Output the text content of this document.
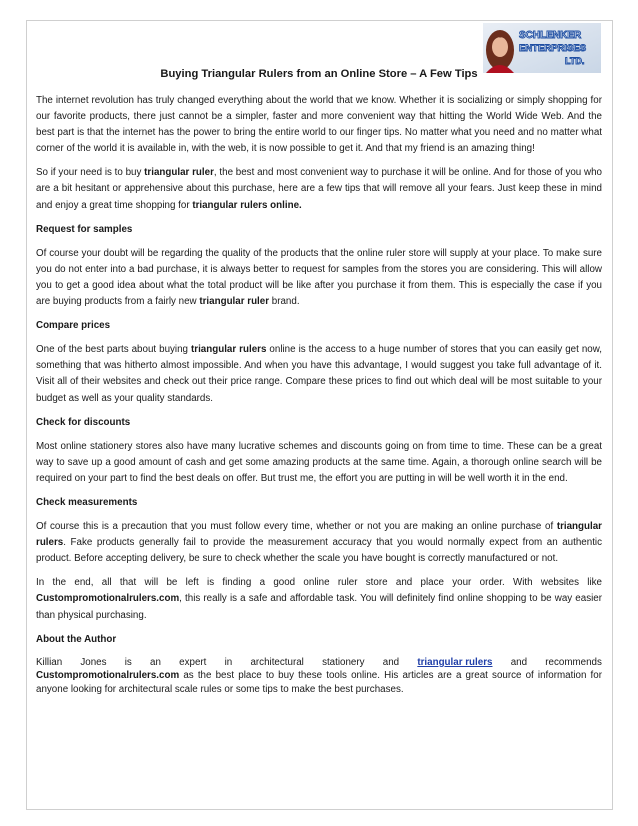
SCHLENKER
ENTERPRISES
LTD.
Buying Triangular Rulers from an Online Store – A Few Tips

The internet revolution has truly changed everything about the world that we know. Whether it is socializing or simply shopping for our favorite products, there just cannot be a simpler, faster and more convenient way that hitting the World Wide Web. And the best part is that the internet has the power to bring the entire world to our finger tips. No matter what you need and no matter what corner of the world it is available in, with the web, it is now possible to get it. And that my friend is an amazing thing!

So if your need is to buy triangular ruler, the best and most convenient way to purchase it will be online. And for those of you who are a bit hesitant or apprehensive about this purchase, here are a few tips that will remove all your fears. Just keep these in mind and enjoy a great time shopping for triangular rulers online.

Request for samples

Of course your doubt will be regarding the quality of the products that the online ruler store will supply at your place. To make sure you do not enter into a bad purchase, it is always better to request for samples from the stores you are considering. This will allow you to get a good idea about what the total product will be like after you purchase it from them. This is especially the case if you are buying products from a fairly new triangular ruler brand.

Compare prices

One of the best parts about buying triangular rulers online is the access to a huge number of stores that you can easily get now, something that was hitherto almost impossible. And when you have this advantage, I would suggest you take full advantage of it. Visit all of their websites and check out their price range. Compare these prices to find out which deal will be most suitable to your budget as well as your quality standards.

Check for discounts

Most online stationery stores also have many lucrative schemes and discounts going on from time to time. These can be a great way to save up a good amount of cash and get some amazing products at the same time. Again, a thorough online search will be required on your part to find the best deals on offer. But trust me, the effort you are putting in will be well worth it in the end.

Check measurements

Of course this is a precaution that you must follow every time, whether or not you are making an online purchase of triangular rulers. Fake products generally fail to provide the measurement accuracy that you would normally expect from an authentic product. Before accepting delivery, be sure to check whether the scale you have bought is correctly manufactured or not.

In the end, all that will be left is finding a good online ruler store and place your order. With websites like Custompromotionalrulers.com, this really is a safe and affordable task. You will definitely find online shopping to be way easier than physical purchasing.

About the Author
Killian Jones is an expert in architectural stationery and triangular rulers and recommends
Custompromotionalrulers.com as the best place to buy these tools online. His articles are a great source of information for anyone looking for architectural scale rules or some tips to make the best purchases.
